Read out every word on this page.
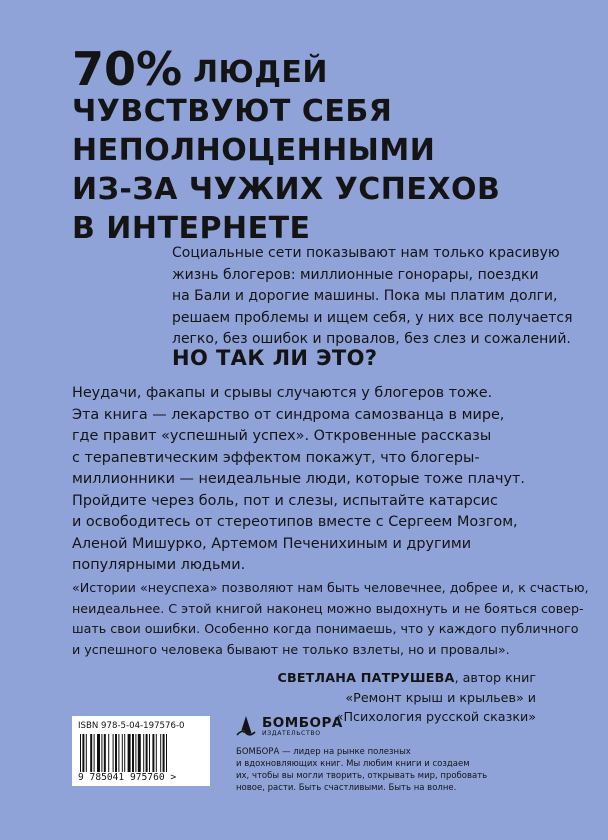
70% ЛЮДЕЙ
ЧУВСТВУЮТ СЕБЯ
НЕПОЛНОЦЕННЫМИ
ИЗ-ЗА ЧУЖИХ УСПЕХОВ
В ИНТЕРНЕТЕ

Социальные сети показывают нам только красивую
жизнь блогеров: миллионные гонорары, поездки
на Бали и дорогие машины. Пока мы платим долги,
решаем проблемы и ищем себя, у них все получается
легко, без ошибок и провалов, без слез и сожалений.

НО ТАК ЛИ ЭТО?

Неудачи, факапы и срывы случаются у блогеров тоже.
Эта книга — лекарство от синдрома самозванца в мире,
где правит «успешный успех». Откровенные рассказы
с терапевтическим эффектом покажут, что блогеры-
миллионники — неидеальные люди, которые тоже плачут.
Пройдите через боль, пот и слезы, испытайте катарсис
и освободитесь от стереотипов вместе с Сергеем Мозгом,
Аленой Мишурко, Артемом Печенихиным и другими
популярными людьми.

«Истории «неуспеха» позволяют нам быть человечнее, добрее и, к счастью,
неидеальнее. С этой книгой наконец можно выдохнуть и не бояться совер-
шать свои ошибки. Особенно когда понимаешь, что у каждого публичного
и успешного человека бывают не только взлеты, но и провалы».

СВЕТЛАНА ПАТРУШЕВА, автор книг
«Ремонт крыш и крыльев» и
«Психология русской сказки»
ISBN 978-5-04-197576-0
9 785041 975760 >
БОМБОРА
ИЗДАТЕЛЬСТВО
БОМБОРА — лидер на рынке полезных
и вдохновляющих книг. Мы любим книги и создаем
их, чтобы вы могли творить, открывать мир, пробовать
новое, расти. Быть счастливыми. Быть на волне.
